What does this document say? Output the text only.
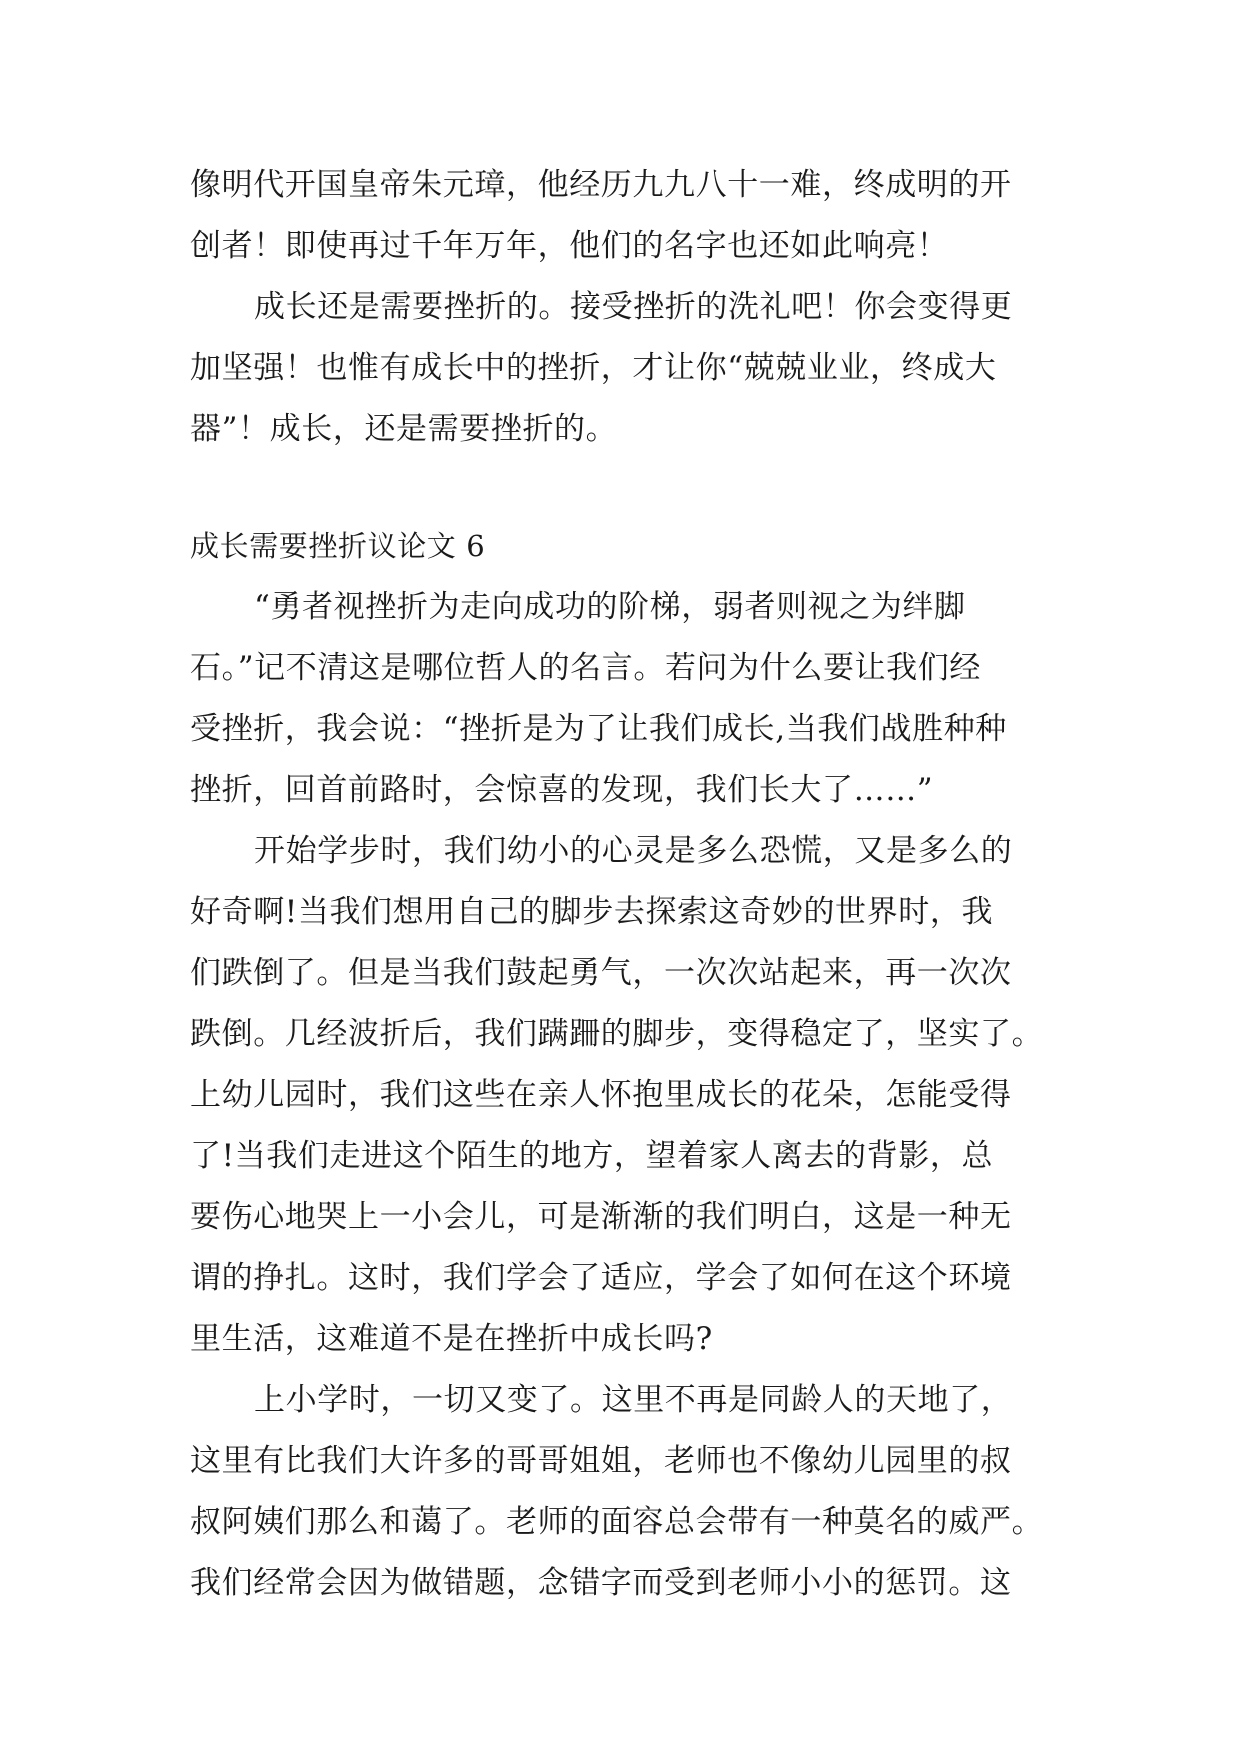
像明代开国皇帝朱元璋，他经历九九八十一难，终成明的开
创者！即使再过千年万年，他们的名字也还如此响亮！
成长还是需要挫折的。接受挫折的洗礼吧！你会变得更
加坚强！也惟有成长中的挫折，才让你“兢兢业业，终成大
器”！成长，还是需要挫折的。
成长需要挫折议论文 6
“勇者视挫折为走向成功的阶梯，弱者则视之为绊脚
石。”记不清这是哪位哲人的名言。若问为什么要让我们经
受挫折，我会说：“挫折是为了让我们成长,当我们战胜种种
挫折，回首前路时，会惊喜的发现，我们长大了……”
开始学步时，我们幼小的心灵是多么恐慌，又是多么的
好奇啊!当我们想用自己的脚步去探索这奇妙的世界时，我
们跌倒了。但是当我们鼓起勇气，一次次站起来，再一次次
跌倒。几经波折后，我们蹒跚的脚步，变得稳定了，坚实了。
上幼儿园时，我们这些在亲人怀抱里成长的花朵，怎能受得
了!当我们走进这个陌生的地方，望着家人离去的背影，总
要伤心地哭上一小会儿，可是渐渐的我们明白，这是一种无
谓的挣扎。这时，我们学会了适应，学会了如何在这个环境
里生活，这难道不是在挫折中成长吗?
上小学时，一切又变了。这里不再是同龄人的天地了，
这里有比我们大许多的哥哥姐姐，老师也不像幼儿园里的叔
叔阿姨们那么和蔼了。老师的面容总会带有一种莫名的威严。
我们经常会因为做错题，念错字而受到老师小小的惩罚。这
